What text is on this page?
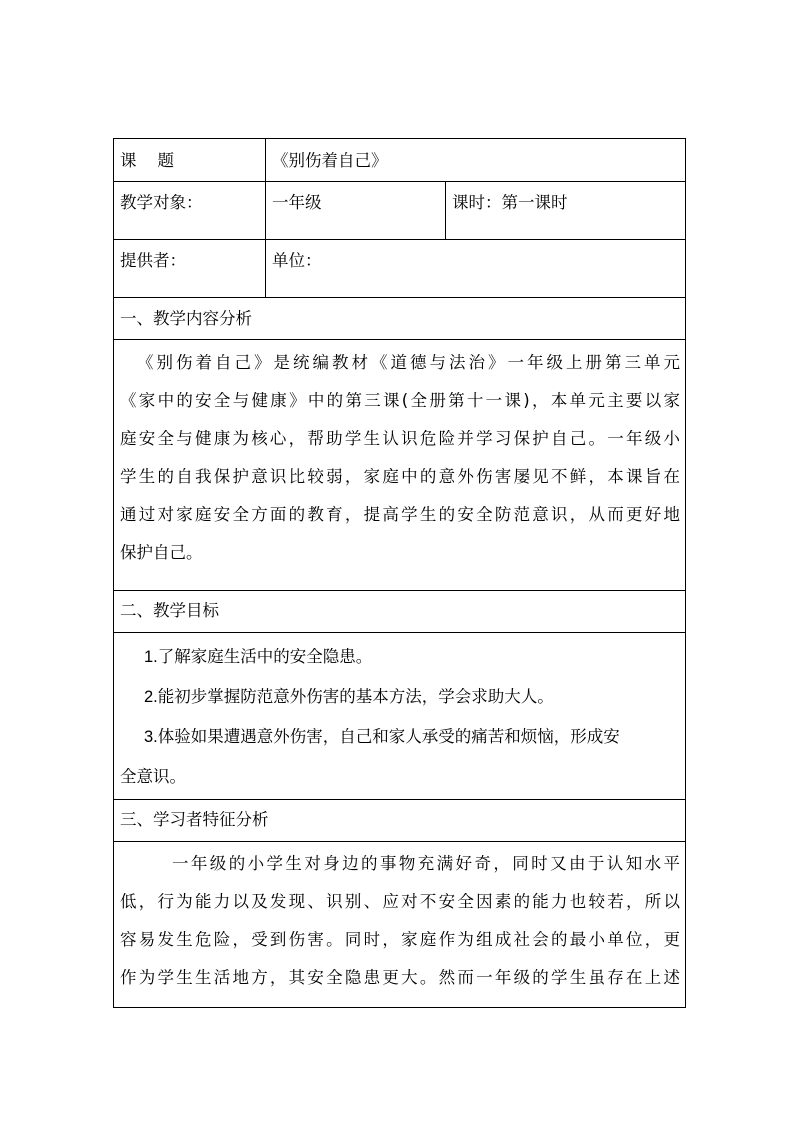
课    题	《别伤着自己》
教学对象：	一年级	课时：第一课时
提供者：	单位：
一、教学内容分析
《别伤着自己》是统编教材《道德与法治》一年级上册第三单元
《家中的安全与健康》中的第三课(全册第十一课)，本单元主要以家
庭安全与健康为核心，帮助学生认识危险并学习保护自己。一年级小
学生的自我保护意识比较弱，家庭中的意外伤害屡见不鲜，本课旨在
通过对家庭安全方面的教育，提高学生的安全防范意识，从而更好地
保护自己。
二、教学目标
1.了解家庭生活中的安全隐患。
2.能初步掌握防范意外伤害的基本方法，学会求助大人。
3.体验如果遭遇意外伤害，自己和家人承受的痛苦和烦恼，形成安
全意识。
三、学习者特征分析
一年级的小学生对身边的事物充满好奇，同时又由于认知水平
低，行为能力以及发现、识别、应对不安全因素的能力也较若，所以
容易发生危险，受到伤害。同时，家庭作为组成社会的最小单位，更
作为学生生活地方，其安全隐患更大。然而一年级的学生虽存在上述
